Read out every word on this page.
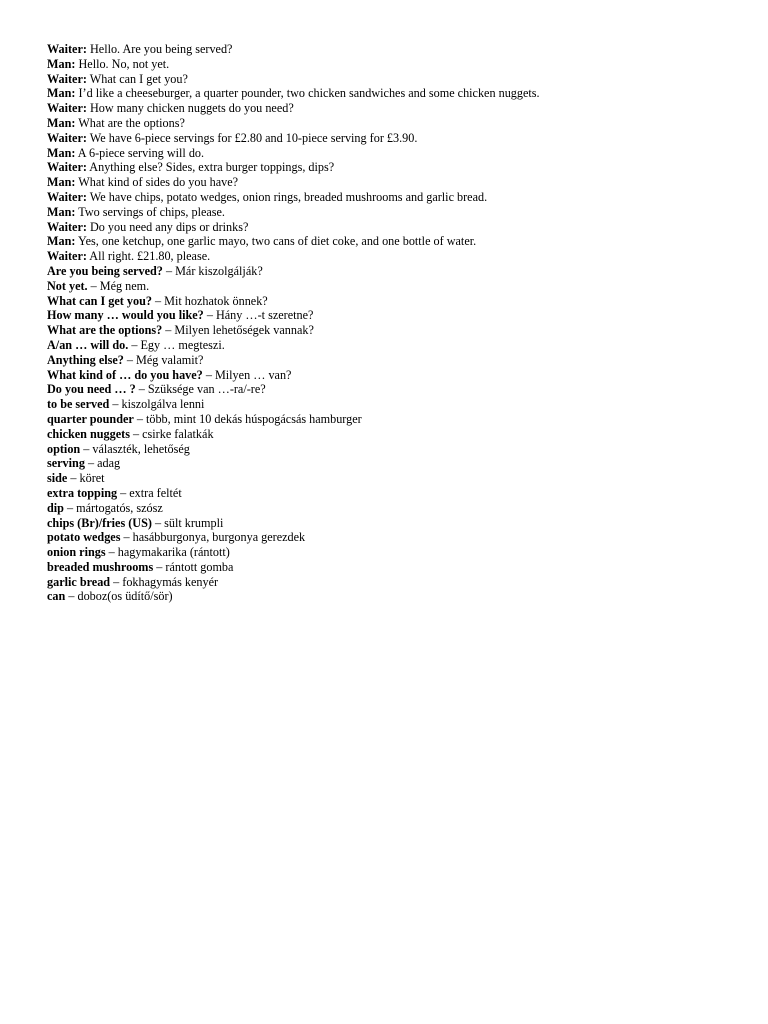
Waiter: Hello. Are you being served?
Man: Hello. No, not yet.
Waiter: What can I get you?
Man: I’d like a cheeseburger, a quarter pounder, two chicken sandwiches and some chicken nuggets.
Waiter: How many chicken nuggets do you need?
Man: What are the options?
Waiter: We have 6-piece servings for £2.80 and 10-piece serving for £3.90.
Man: A 6-piece serving will do.
Waiter: Anything else? Sides, extra burger toppings, dips?
Man: What kind of sides do you have?
Waiter: We have chips, potato wedges, onion rings, breaded mushrooms and garlic bread.
Man: Two servings of chips, please.
Waiter: Do you need any dips or drinks?
Man: Yes, one ketchup, one garlic mayo, two cans of diet coke, and one bottle of water.
Waiter: All right. £21.80, please.
Are you being served? – Már kiszolgálják?
Not yet. – Még nem.
What can I get you? – Mit hozhatok önnek?
How many … would you like? – Hány …-t szeretne?
What are the options? – Milyen lehetőségek vannak?
A/an … will do. – Egy … megteszi.
Anything else? – Még valamit?
What kind of … do you have? – Milyen … van?
Do you need … ? – Szüksége van …-ra/-re?
to be served – kiszolgálva lenni
quarter pounder – több, mint 10 dekás húspogácsás hamburger
chicken nuggets – csirke falatkák
option – választék, lehetőség
serving – adag
side – köret
extra topping – extra feltét
dip – mártogatós, szósz
chips (Br)/fries (US) – sült krumpli
potato wedges – hasábburgonya, burgonya gerezdek
onion rings – hagymakarika (rántott)
breaded mushrooms – rántott gomba
garlic bread – fokhagymás kenyér
can – doboz(os üdítő/sör)
